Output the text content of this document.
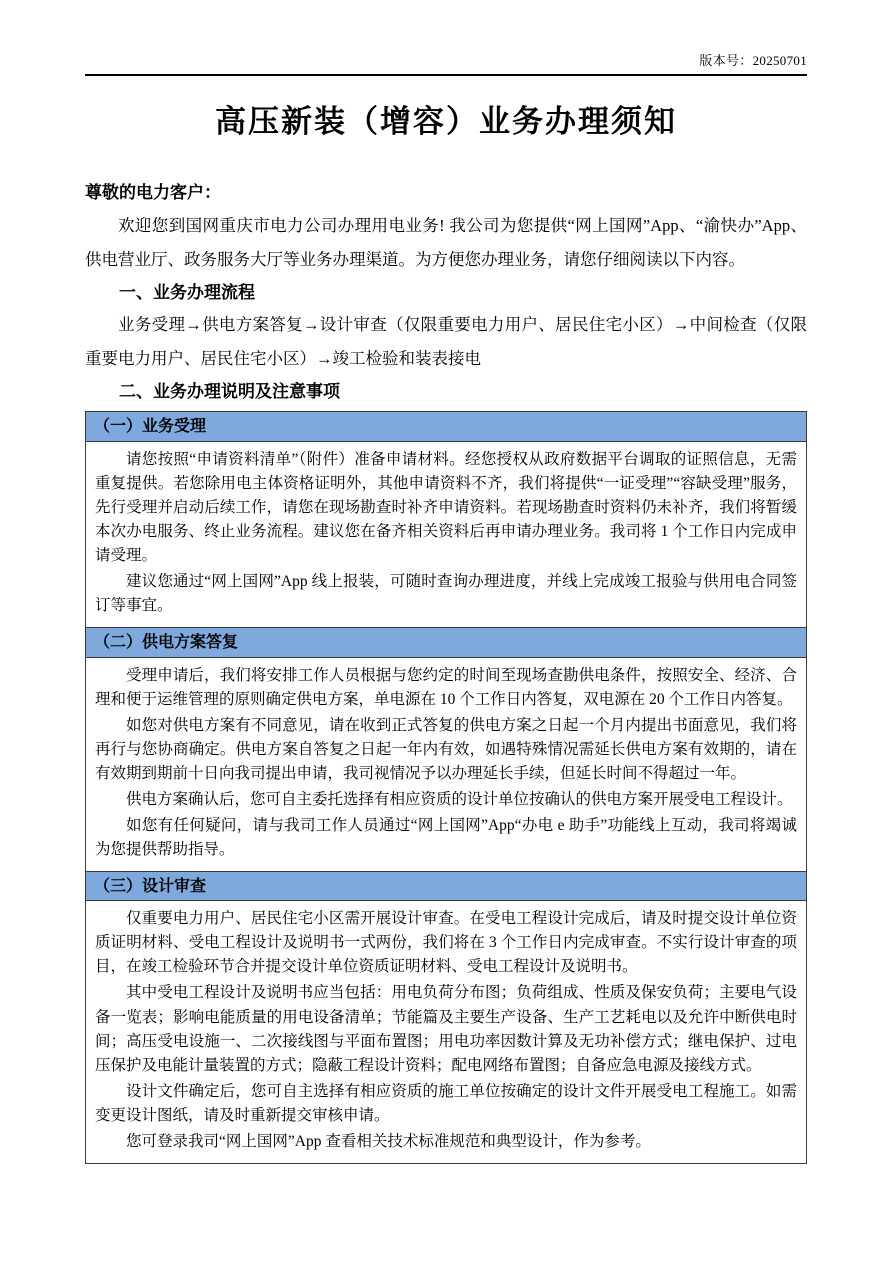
版本号：20250701
高压新装（增容）业务办理须知

尊敬的电力客户：

欢迎您到国网重庆市电力公司办理用电业务! 我公司为您提供“网上国网”App、“渝快办”App、供电营业厅、政务服务大厅等业务办理渠道。为方便您办理业务，请您仔细阅读以下内容。

一、业务办理流程

业务受理→供电方案答复→设计审查（仅限重要电力用户、居民住宅小区）→中间检查（仅限重要电力用户、居民住宅小区）→竣工检验和装表接电

二、业务办理说明及注意事项
（一）业务受理

请您按照“申请资料清单”（附件）准备申请材料。经您授权从政府数据平台调取的证照信息，无需重复提供。若您除用电主体资格证明外，其他申请资料不齐，我们将提供“一证受理”“容缺受理”服务，先行受理并启动后续工作，请您在现场勘查时补齐申请资料。若现场勘查时资料仍未补齐，我们将暂缓本次办电服务、终止业务流程。建议您在备齐相关资料后再申请办理业务。我司将 1 个工作日内完成申请受理。

建议您通过“网上国网”App 线上报装，可随时查询办理进度，并线上完成竣工报验与供用电合同签订等事宜。

（二）供电方案答复

受理申请后，我们将安排工作人员根据与您约定的时间至现场查勘供电条件，按照安全、经济、合理和便于运维管理的原则确定供电方案，单电源在 10 个工作日内答复，双电源在 20 个工作日内答复。

如您对供电方案有不同意见，请在收到正式答复的供电方案之日起一个月内提出书面意见，我们将再行与您协商确定。供电方案自答复之日起一年内有效，如遇特殊情况需延长供电方案有效期的，请在有效期到期前十日向我司提出申请，我司视情况予以办理延长手续，但延长时间不得超过一年。

供电方案确认后，您可自主委托选择有相应资质的设计单位按确认的供电方案开展受电工程设计。

如您有任何疑问，请与我司工作人员通过“网上国网”App“办电 e 助手”功能线上互动，我司将竭诚为您提供帮助指导。

（三）设计审查

仅重要电力用户、居民住宅小区需开展设计审查。在受电工程设计完成后，请及时提交设计单位资质证明材料、受电工程设计及说明书一式两份，我们将在 3 个工作日内完成审查。不实行设计审查的项目，在竣工检验环节合并提交设计单位资质证明材料、受电工程设计及说明书。

其中受电工程设计及说明书应当包括：用电负荷分布图；负荷组成、性质及保安负荷；主要电气设备一览表；影响电能质量的用电设备清单；节能篇及主要生产设备、生产工艺耗电以及允许中断供电时间；高压受电设施一、二次接线图与平面布置图；用电功率因数计算及无功补偿方式；继电保护、过电压保护及电能计量装置的方式；隐蔽工程设计资料；配电网络布置图；自备应急电源及接线方式。

设计文件确定后，您可自主选择有相应资质的施工单位按确定的设计文件开展受电工程施工。如需变更设计图纸，请及时重新提交审核申请。

您可登录我司“网上国网”App 查看相关技术标准规范和典型设计，作为参考。
